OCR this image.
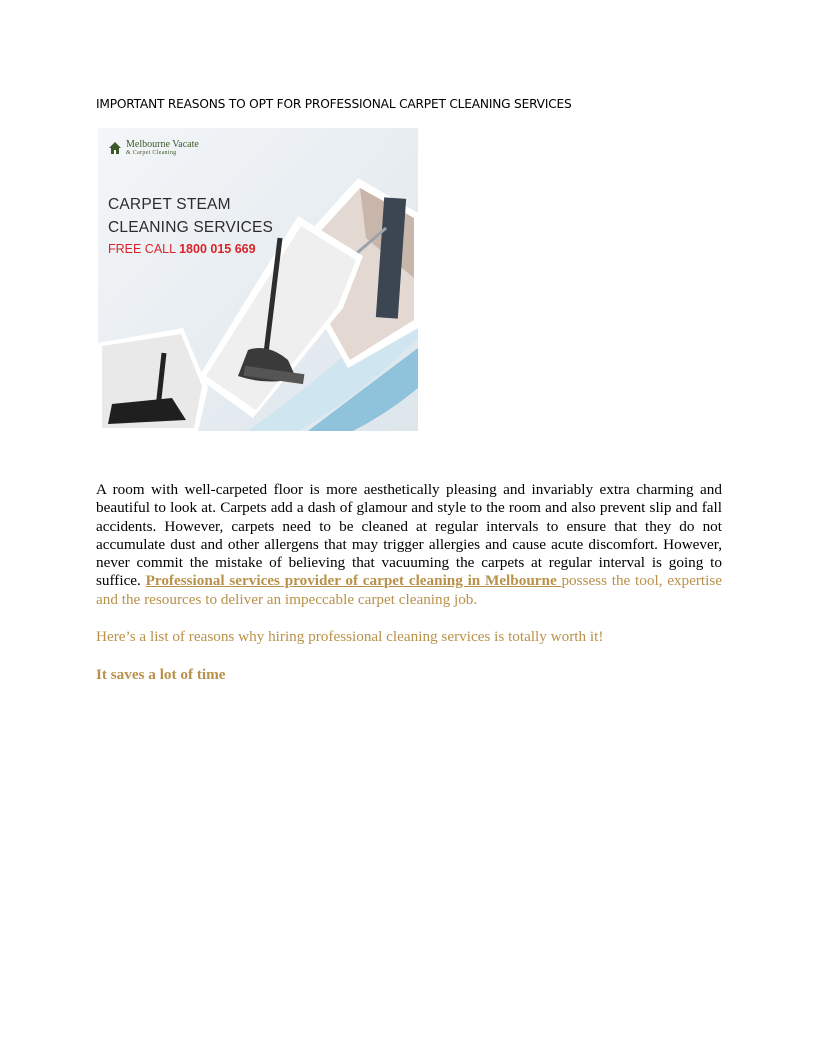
IMPORTANT REASONS TO OPT FOR PROFESSIONAL CARPET CLEANING SERVICES
Melbourne Vacate
& Carpet Cleaning
CARPET STEAM
CLEANING SERVICES
FREE CALL 1800 015 669

A room with well-carpeted floor is more aesthetically pleasing and invariably extra charming and beautiful to look at. Carpets add a dash of glamour and style to the room and also prevent slip and fall accidents. However, carpets need to be cleaned at regular intervals to ensure that they do not accumulate dust and other allergens that may trigger allergies and cause acute discomfort. However, never commit the mistake of believing that vacuuming the carpets at regular interval is going to suffice. Professional services provider of carpet cleaning in Melbourne possess the tool, expertise and the resources to deliver an impeccable carpet cleaning job.

Here’s a list of reasons why hiring professional cleaning services is totally worth it!

It saves a lot of time
